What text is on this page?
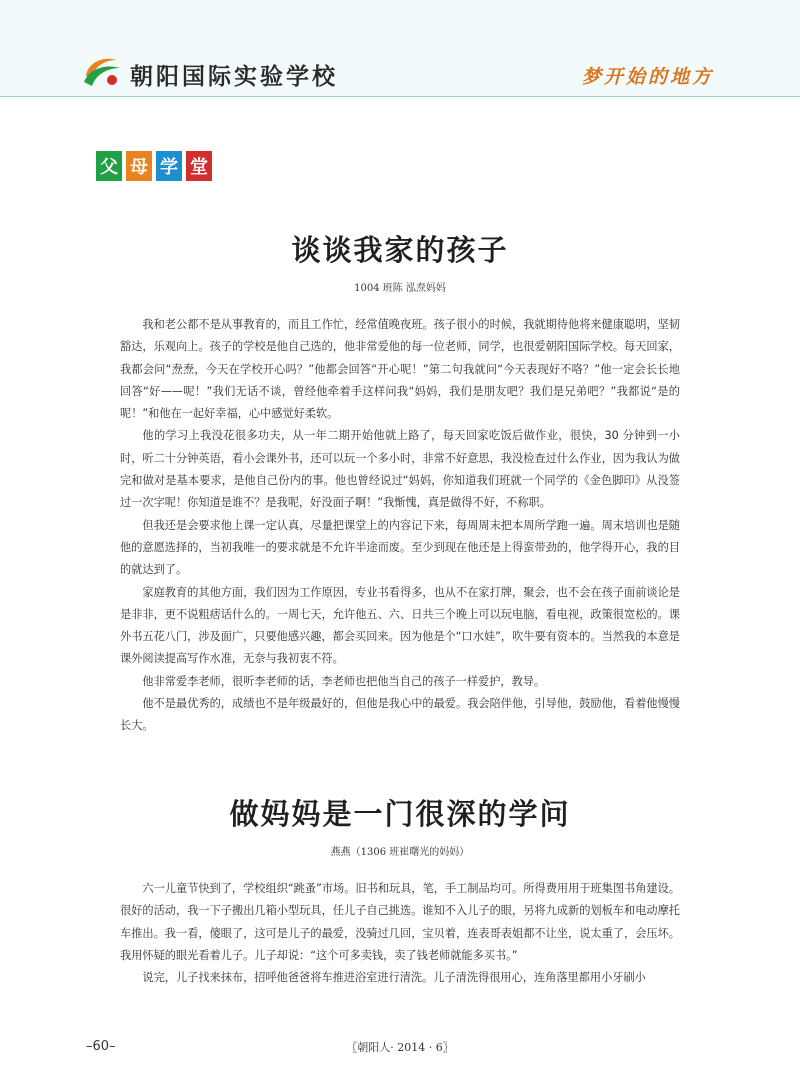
朝阳国际实验学校	梦开始的地方
父 母 学 堂
谈谈我家的孩子
1004 班陈 泓焘妈妈

我和老公都不是从事教育的，而且工作忙，经常值晚夜班。孩子很小的时候，我就期待他将来健康聪明，坚韧豁达，乐观向上。孩子的学校是他自己选的，他非常爱他的每一位老师，同学，也很爱朝阳国际学校。每天回家，我都会问“焘焘，今天在学校开心吗？”他都会回答“开心呢！”第二句我就问“今天表现好不咯？”他一定会长长地回答“好——呢！”我们无话不谈，曾经他牵着手这样问我“妈妈，我们是朋友吧？我们是兄弟吧？”我都说“是的呢！”和他在一起好幸福，心中感觉好柔软。

他的学习上我没花很多功夫，从一年二期开始他就上路了，每天回家吃饭后做作业，很快，30 分钟到一小时，听二十分钟英语，看小会课外书，还可以玩一个多小时，非常不好意思，我没检查过什么作业，因为我认为做完和做对是基本要求，是他自己份内的事。他也曾经说过“妈妈，你知道我们班就一个同学的《金色脚印》从没签过一次字呢！你知道是谁不？是我呢，好没面子啊！”我惭愧，真是做得不好，不称职。

但我还是会要求他上课一定认真，尽量把课堂上的内容记下来，每周周末把本周所学跑一遍。周末培训也是随他的意愿选择的，当初我唯一的要求就是不允许半途而废。至少到现在他还是上得蛮带劲的，他学得开心，我的目的就达到了。

家庭教育的其他方面，我们因为工作原因，专业书看得多，也从不在家打牌，聚会，也不会在孩子面前谈论是是非非，更不说粗痞话什么的。一周七天，允许他五、六、日共三个晚上可以玩电脑，看电视，政策很宽松的。课外书五花八门，涉及面广，只要他感兴趣，都会买回来。因为他是个“口水娃”，吹牛要有资本的。当然我的本意是课外阅读提高写作水准，无奈与我初衷不符。

他非常爱李老师，很听李老师的话，李老师也把他当自己的孩子一样爱护，教导。

他不是最优秀的，成绩也不是年级最好的，但他是我心中的最爱。我会陪伴他，引导他，鼓励他，看着他慢慢长大。

做妈妈是一门很深的学问
燕燕（1306 班崔曙光的妈妈）

六一儿童节快到了，学校组织“跳蚤”市场。旧书和玩具，笔，手工制品均可。所得费用用于班集图书角建设。很好的活动，我一下子搬出几箱小型玩具，任儿子自己挑选。谁知不入儿子的眼，另将九成新的划板车和电动摩托车推出。我一看，傻眼了，这可是儿子的最爱，没骑过几回，宝贝着，连表哥表姐都不让坐，说太重了，会压坏。我用怀疑的眼光看着儿子。儿子却说：“这个可多卖钱，卖了钱老师就能多买书。”

说完，儿子找来抹布，招呼他爸爸将车推进浴室进行清洗。儿子清洗得很用心，连角落里都用小牙刷小

–60–	〖朝阳人· 2014 · 6〗
